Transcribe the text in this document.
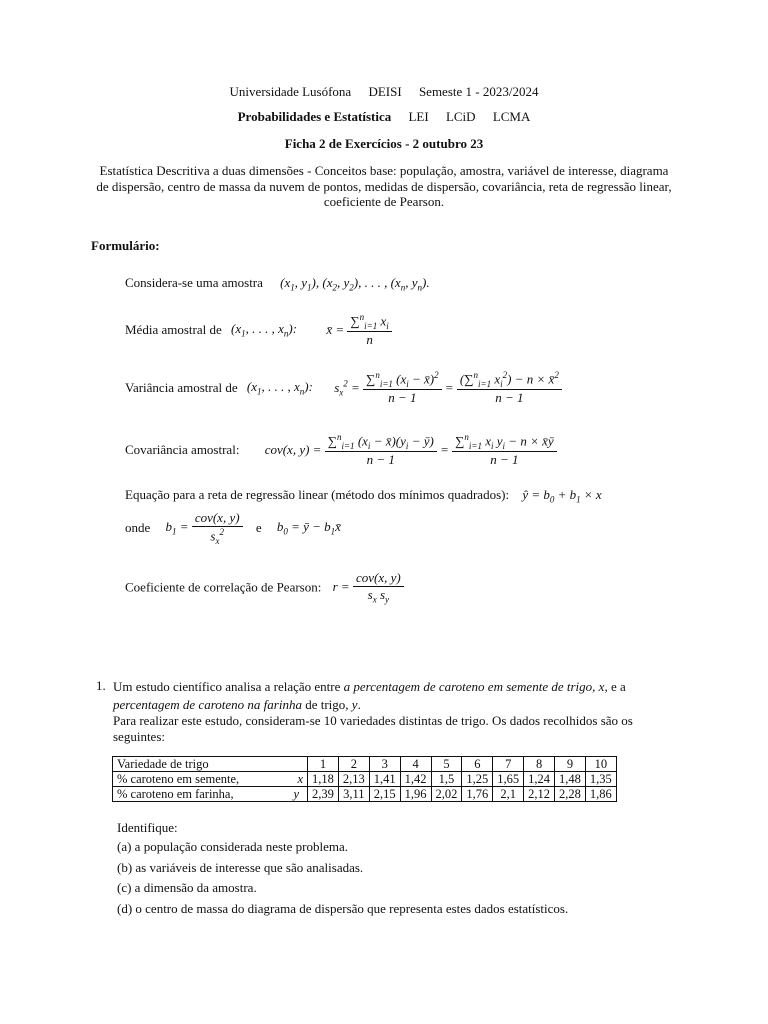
Universidade Lusófona DEISI Semeste 1 - 2023/2024
Probabilidades e Estatística LEI LCiD LCMA
Ficha 2 de Exercícios - 2 outubro 23
Estatística Descritiva a duas dimensões - Conceitos base: população, amostra, variável de interesse, diagrama de dispersão, centro de massa da nuvem de pontos, medidas de dispersão, covariância, reta de regressão linear, coeficiente de Pearson.
Formulário:
Considera-se uma amostra ($x_1$, $y_1$), ($x_2$, $y_2$), . . . , ($x_n$, $y_n$).
Média amostral de ($x_1$, . . . , $x_n$): x̄ = $\frac{\sum^n_{i=1} x_i}{n}$
Variância amostral de ($x_1$, . . . , $x_n$): $s_x^2 = \frac{\sum^n_{i=1} (x_i - x̄)^2}{n - 1} = \frac{(\sum^n_{i=1} x_i^2) - n \times x̄^2}{n - 1}$
Covariância amostral: cov(x, $y) = \frac{\sum^n_{i=1} (x_i - x̄)(y_i - ȳ)}{n - 1} = \frac{\sum^n_{i=1} x_i y_i - n \times x̄ȳ}{n - 1}$
Equação para a reta de regressão linear (método dos mínimos quadrados): ŷ = $b_0 + b_1 \times x$
onde $b_1 = \frac{\text{cov(x, y)}}{s_x^2}$ e $b_0$ = ȳ − $b_1x̄$
Coeficiente de correlação de Pearson: $r = \frac{\text{cov(x, y)}}{s_x s_y}$
1. Um estudo científico analisa a relação entre a percentagem de caroteno em semente de trigo, x, e a percentagem de caroteno na farinha de trigo, y.
Para realizar este estudo, consideram-se 10 variedades distintas de trigo. Os dados recolhidos são os seguintes:
Variedade de trigo	1	2	3	4	5	6	7	8	9	10
% caroteno em semente, x	1,18	2,13	1,41	1,42	1,5	1,25	1,65	1,24	1,48	1,35
% caroteno em farinha, y	2,39	3,11	2,15	1,96	2,02	1,76	2,1	2,12	2,28	1,86
Identifique:
(a) a população considerada neste problema.
(b) as variáveis de interesse que são analisadas.
(c) a dimensão da amostra.
(d) o centro de massa do diagrama de dispersão que representa estes dados estatísticos.
